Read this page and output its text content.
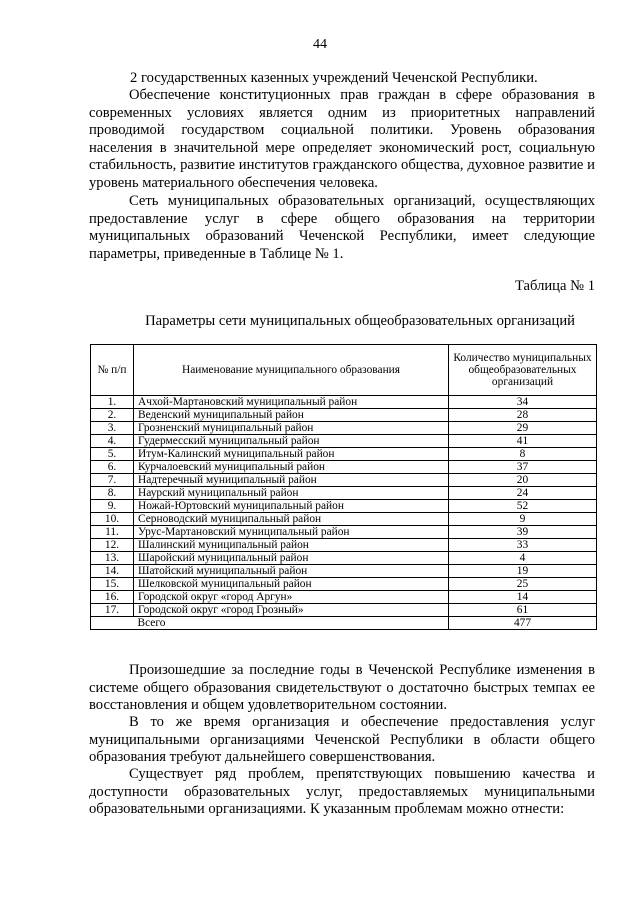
44

2 государственных казенных учреждений Чеченской Республики.

Обеспечение конституционных прав граждан в сфере образования в современных условиях является одним из приоритетных направлений проводимой государством социальной политики. Уровень образования населения в значительной мере определяет экономический рост, социальную стабильность, развитие институтов гражданского общества, духовное развитие и уровень материального обеспечения человека.

Сеть муниципальных образовательных организаций, осуществляющих предоставление услуг в сфере общего образования на территории муниципальных образований Чеченской Республики, имеет следующие параметры, приведенные в Таблице № 1.

Таблица № 1
Параметры сети муниципальных общеобразовательных организаций
№ п/п	Наименование муниципального образования	Количество муниципальных общеобразовательных организаций
1.	Ачхой-Мартановский муниципальный район	34
2.	Веденский муниципальный район	28
3.	Грозненский муниципальный район	29
4.	Гудермесский муниципальный район	41
5.	Итум-Калинский муниципальный район	8
6.	Курчалоевский муниципальный район	37
7.	Надтеречный муниципальный район	20
8.	Наурский муниципальный район	24
9.	Ножай-Юртовский муниципальный район	52
10.	Серноводский муниципальный район	9
11.	Урус-Мартановский муниципальный район	39
12.	Шалинский муниципальный район	33
13.	Шаройский муниципальный район	4
14.	Шатойский муниципальный район	19
15.	Шелковской муниципальный район	25
16.	Городской округ «город Аргун»	14
17.	Городской округ «город Грозный»	61
	Всего	477

Произошедшие за последние годы в Чеченской Республике изменения в системе общего образования свидетельствуют о достаточно быстрых темпах ее восстановления и общем удовлетворительном состоянии.

В то же время организация и обеспечение предоставления услуг муниципальными организациями Чеченской Республики в области общего образования требуют дальнейшего совершенствования.

Существует ряд проблем, препятствующих повышению качества и доступности образовательных услуг, предоставляемых муниципальными образовательными организациями. К указанным проблемам можно отнести:
